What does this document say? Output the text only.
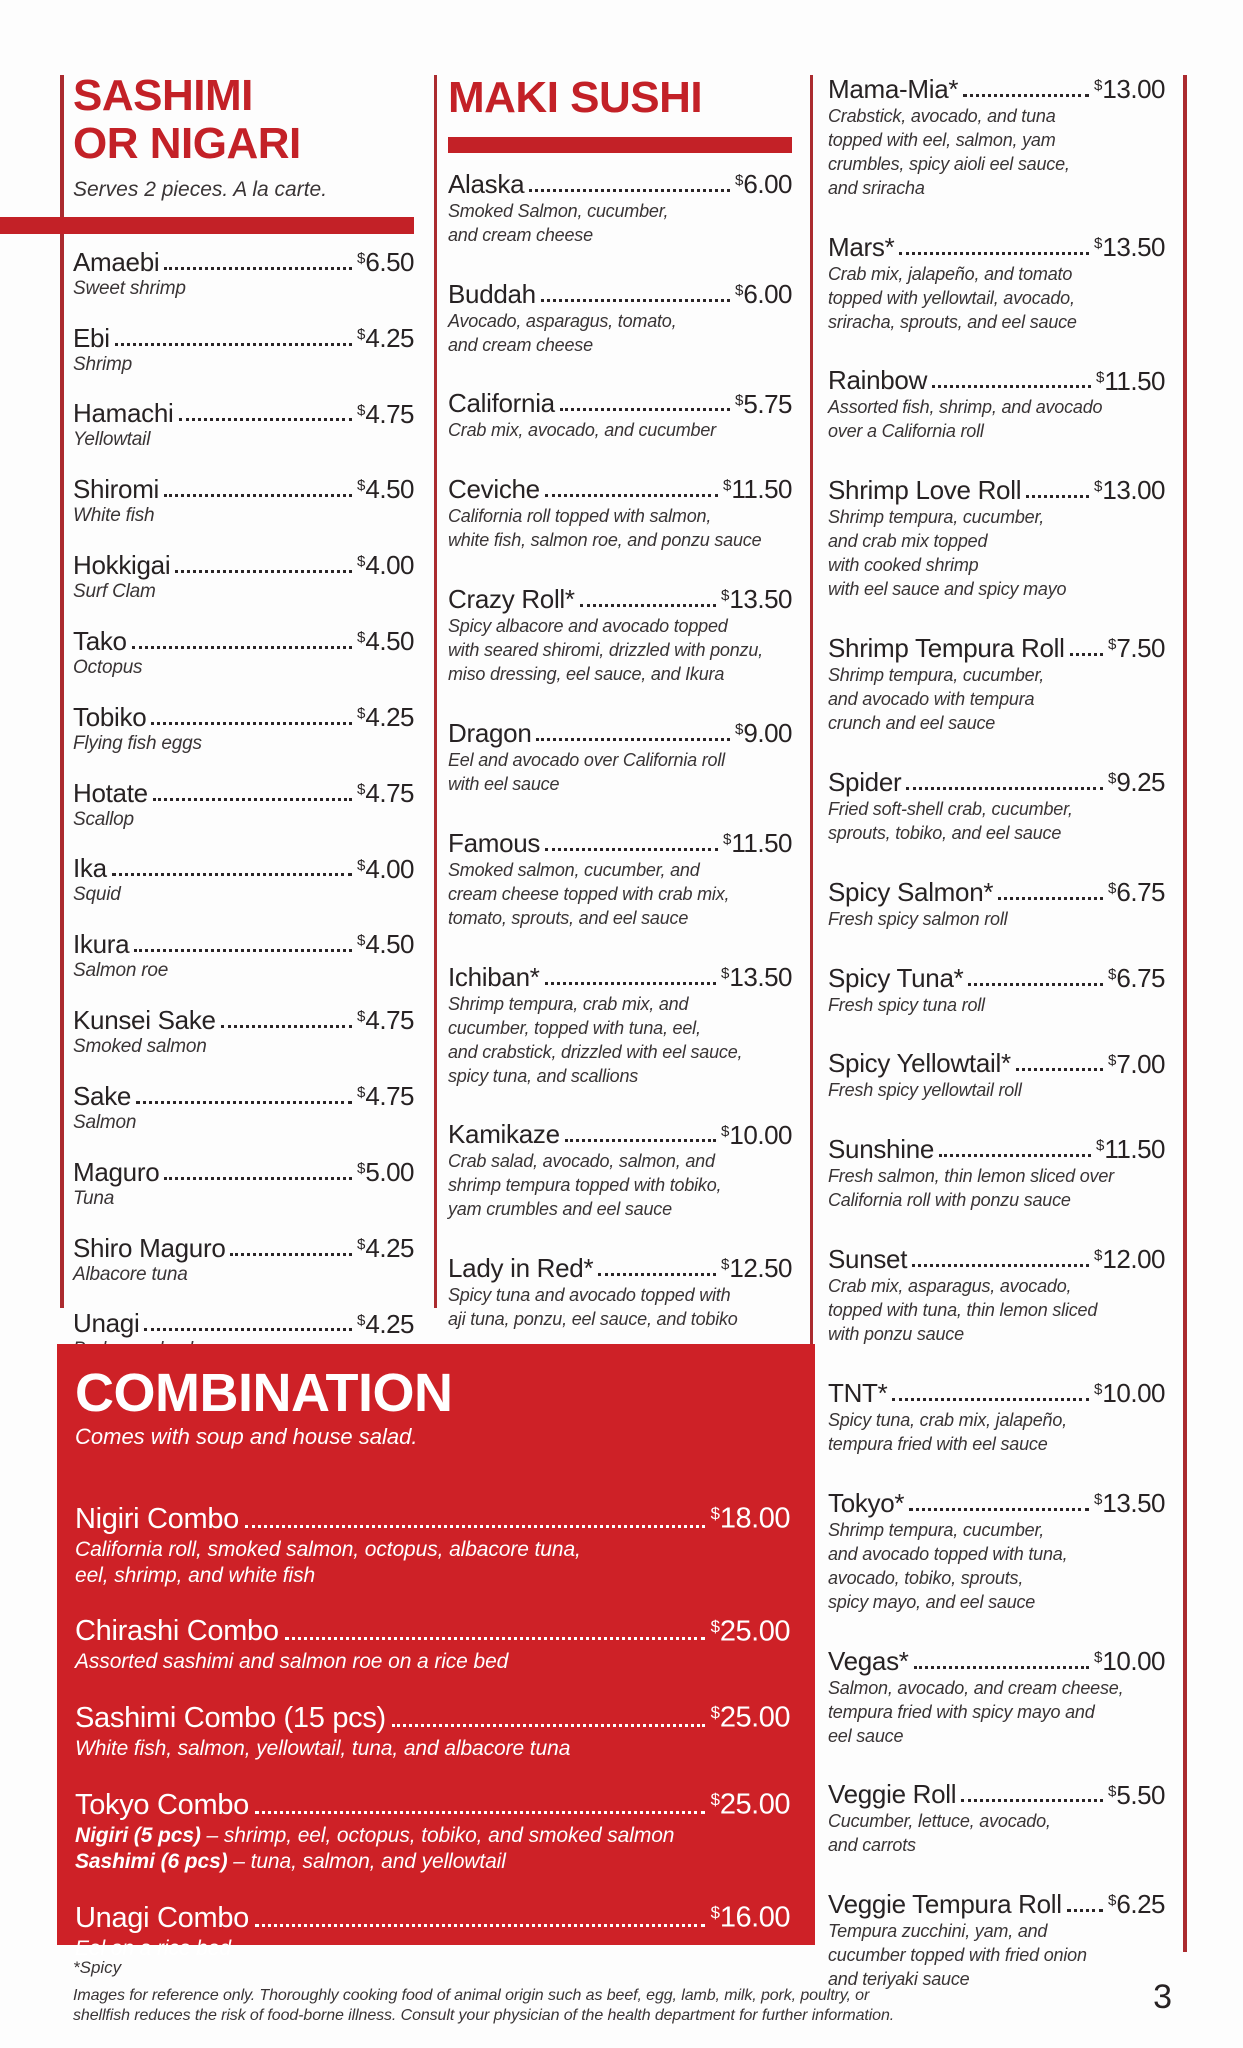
SASHIMI
OR NIGARI
Serves 2 pieces. A la carte.
Amaebi	$6.50
Sweet shrimp
Ebi	$4.25
Shrimp
Hamachi	$4.75
Yellowtail
Shiromi	$4.50
White fish
Hokkigai	$4.00
Surf Clam
Tako	$4.50
Octopus
Tobiko	$4.25
Flying fish eggs
Hotate	$4.75
Scallop
Ika	$4.00
Squid
Ikura	$4.50
Salmon roe
Kunsei Sake	$4.75
Smoked salmon
Sake	$4.75
Salmon
Maguro	$5.00
Tuna
Shiro Maguro	$4.25
Albacore tuna
Unagi	$4.25
MAKI SUSHI
Alaska	$6.00
Smoked Salmon, cucumber,
and cream cheese
Buddah	$6.00
Avocado, asparagus, tomato,
and cream cheese
California	$5.75
Crab mix, avocado, and cucumber
Ceviche	$11.50
California roll topped with salmon,
white fish, salmon roe, and ponzu sauce
Crazy Roll*	$13.50
Spicy albacore and avocado topped
with seared shiromi, drizzled with ponzu,
miso dressing, eel sauce, and Ikura
Dragon	$9.00
Eel and avocado over California roll
with eel sauce
Famous	$11.50
Smoked salmon, cucumber, and
cream cheese topped with crab mix,
tomato, sprouts, and eel sauce
Ichiban*	$13.50
Shrimp tempura, crab mix, and
cucumber, topped with tuna, eel,
and crabstick, drizzled with eel sauce,
spicy tuna, and scallions
Kamikaze	$10.00
Crab salad, avocado, salmon, and
shrimp tempura topped with tobiko,
yam crumbles and eel sauce
Lady in Red*	$12.50
Spicy tuna and avocado topped with
aji tuna, ponzu, eel sauce, and tobiko
Mama-Mia*	$13.00
Crabstick, avocado, and tuna
topped with eel, salmon, yam
crumbles, spicy aioli eel sauce,
and sriracha
Mars*	$13.50
Crab mix, jalapeño, and tomato
topped with yellowtail, avocado,
sriracha, sprouts, and eel sauce
Rainbow	$11.50
Assorted fish, shrimp, and avocado
over a California roll
Shrimp Love Roll	$13.00
Shrimp tempura, cucumber,
and crab mix topped
with cooked shrimp
with eel sauce and spicy mayo
Shrimp Tempura Roll	$7.50
Shrimp tempura, cucumber,
and avocado with tempura
crunch and eel sauce
Spider	$9.25
Fried soft-shell crab, cucumber,
sprouts, tobiko, and eel sauce
Spicy Salmon*	$6.75
Fresh spicy salmon roll
Spicy Tuna*	$6.75
Fresh spicy tuna roll
Spicy Yellowtail*	$7.00
Fresh spicy yellowtail roll
Sunshine	$11.50
Fresh salmon, thin lemon sliced over
California roll with ponzu sauce
Sunset	$12.00
Crab mix, asparagus, avocado,
topped with tuna, thin lemon sliced
with ponzu sauce
TNT*	$10.00
Spicy tuna, crab mix, jalapeño,
tempura fried with eel sauce
Tokyo*	$13.50
Shrimp tempura, cucumber,
and avocado topped with tuna,
avocado, tobiko, sprouts,
spicy mayo, and eel sauce
Vegas*	$10.00
Salmon, avocado, and cream cheese,
tempura fried with spicy mayo and
eel sauce
Veggie Roll	$5.50
Cucumber, lettuce, avocado,
and carrots
Veggie Tempura Roll	$6.25
Tempura zucchini, yam, and
cucumber topped with fried onion
and teriyaki sauce
COMBINATION
Comes with soup and house salad.
Nigiri Combo	$18.00
California roll, smoked salmon, octopus, albacore tuna,
eel, shrimp, and white fish
Chirashi Combo	$25.00
Assorted sashimi and salmon roe on a rice bed
Sashimi Combo (15 pcs)	$25.00
White fish, salmon, yellowtail, tuna, and albacore tuna
Tokyo Combo	$25.00
Nigiri (5 pcs) – shrimp, eel, octopus, tobiko, and smoked salmon
Sashimi (6 pcs) – tuna, salmon, and yellowtail
Unagi Combo	$16.00
Eel on a rice bed
*Spicy
Images for reference only. Thoroughly cooking food of animal origin such as beef, egg, lamb, milk, pork, poultry, or
shellfish reduces the risk of food-borne illness. Consult your physician of the health department for further information.	3
